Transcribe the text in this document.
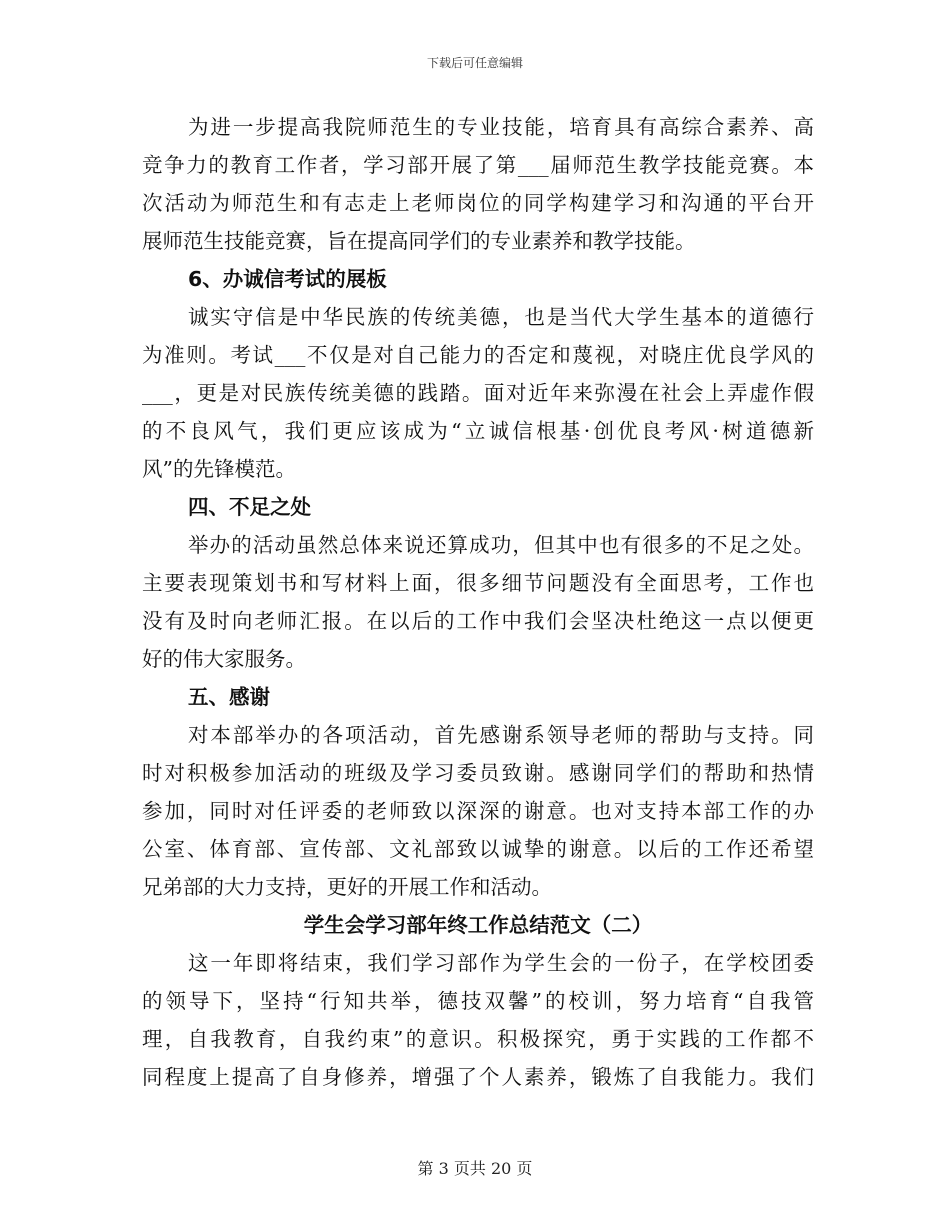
下载后可任意编辑
为进一步提高我院师范生的专业技能，培育具有高综合素养、高
竞争力的教育工作者，学习部开展了第___届师范生教学技能竞赛。本
次活动为师范生和有志走上老师岗位的同学构建学习和沟通的平台开
展师范生技能竞赛，旨在提高同学们的专业素养和教学技能。
6、办诚信考试的展板
诚实守信是中华民族的传统美德，也是当代大学生基本的道德行
为准则。考试___不仅是对自己能力的否定和蔑视，对晓庄优良学风的
___，更是对民族传统美德的践踏。面对近年来弥漫在社会上弄虚作假
的不良风气，我们更应该成为“立诚信根基·创优良考风·树道德新
风”的先锋模范。
四、不足之处
举办的活动虽然总体来说还算成功，但其中也有很多的不足之处。
主要表现策划书和写材料上面，很多细节问题没有全面思考，工作也
没有及时向老师汇报。在以后的工作中我们会坚决杜绝这一点以便更
好的伟大家服务。
五、感谢
对本部举办的各项活动，首先感谢系领导老师的帮助与支持。同
时对积极参加活动的班级及学习委员致谢。感谢同学们的帮助和热情
参加，同时对任评委的老师致以深深的谢意。也对支持本部工作的办
公室、体育部、宣传部、文礼部致以诚挚的谢意。以后的工作还希望
兄弟部的大力支持，更好的开展工作和活动。
学生会学习部年终工作总结范文（二）
这一年即将结束，我们学习部作为学生会的一份子，在学校团委
的领导下，坚持“行知共举，德技双馨”的校训，努力培育“自我管
理，自我教育，自我约束”的意识。积极探究，勇于实践的工作都不
同程度上提高了自身修养，增强了个人素养，锻炼了自我能力。我们
第 3 页共 20 页
